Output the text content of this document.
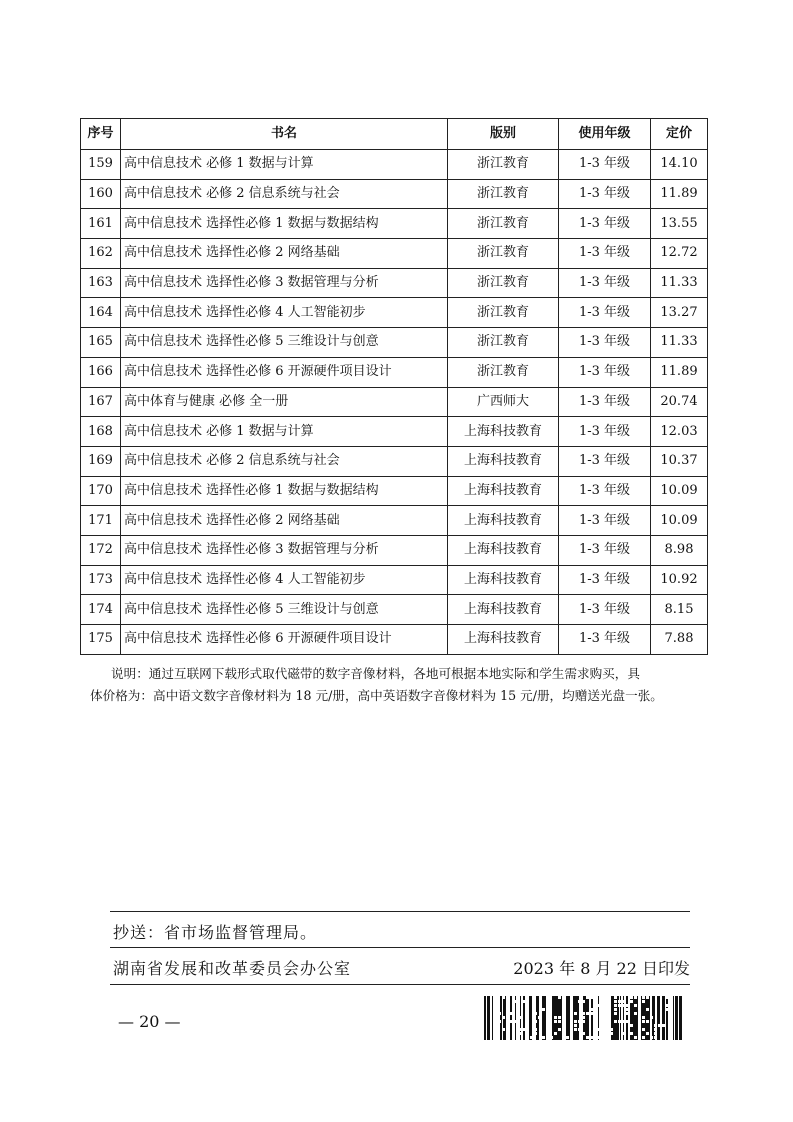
序号	书名	版别	使用年级	定价
159	高中信息技术 必修 1 数据与计算	浙江教育	1-3 年级	14.10
160	高中信息技术 必修 2 信息系统与社会	浙江教育	1-3 年级	11.89
161	高中信息技术 选择性必修 1 数据与数据结构	浙江教育	1-3 年级	13.55
162	高中信息技术 选择性必修 2 网络基础	浙江教育	1-3 年级	12.72
163	高中信息技术 选择性必修 3 数据管理与分析	浙江教育	1-3 年级	11.33
164	高中信息技术 选择性必修 4 人工智能初步	浙江教育	1-3 年级	13.27
165	高中信息技术 选择性必修 5 三维设计与创意	浙江教育	1-3 年级	11.33
166	高中信息技术 选择性必修 6 开源硬件项目设计	浙江教育	1-3 年级	11.89
167	高中体育与健康 必修 全一册	广西师大	1-3 年级	20.74
168	高中信息技术 必修 1 数据与计算	上海科技教育	1-3 年级	12.03
169	高中信息技术 必修 2 信息系统与社会	上海科技教育	1-3 年级	10.37
170	高中信息技术 选择性必修 1 数据与数据结构	上海科技教育	1-3 年级	10.09
171	高中信息技术 选择性必修 2 网络基础	上海科技教育	1-3 年级	10.09
172	高中信息技术 选择性必修 3 数据管理与分析	上海科技教育	1-3 年级	8.98
173	高中信息技术 选择性必修 4 人工智能初步	上海科技教育	1-3 年级	10.92
174	高中信息技术 选择性必修 5 三维设计与创意	上海科技教育	1-3 年级	8.15
175	高中信息技术 选择性必修 6 开源硬件项目设计	上海科技教育	1-3 年级	7.88
说明：通过互联网下载形式取代磁带的数字音像材料，各地可根据本地实际和学生需求购买，具
体价格为：高中语文数字音像材料为 18 元/册，高中英语数字音像材料为 15 元/册，均赠送光盘一张。
抄送：省市场监督管理局。
湖南省发展和改革委员会办公室	2023 年 8 月 22 日印发
— 20 —
